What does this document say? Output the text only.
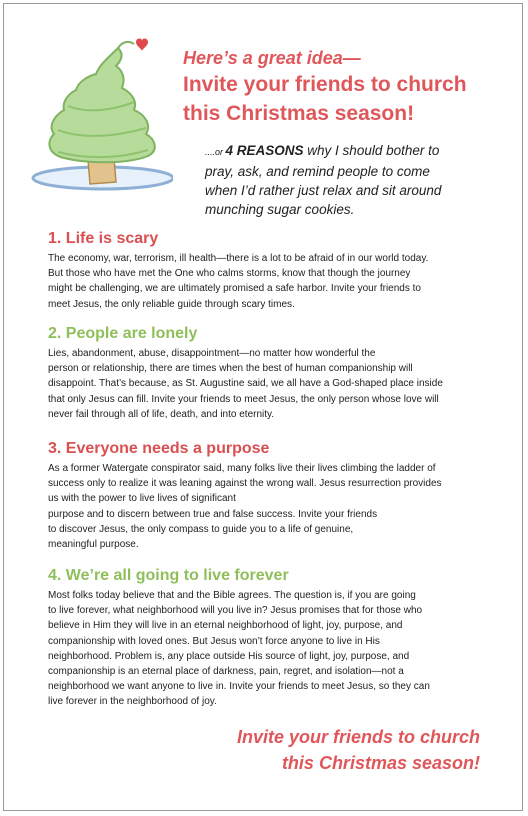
Here’s a great idea—
Invite your friends to church
this Christmas season!

....or 4 REASONS why I should bother to
pray, ask, and remind people to come
when I’d rather just relax and sit around
munching sugar cookies.

1. Life is scary

The economy, war, terrorism, ill health—there is a lot to be afraid of in our world today.
But those who have met the One who calms storms, know that though the journey
might be challenging, we are ultimately promised a safe harbor. Invite your friends to
meet Jesus, the only reliable guide through scary times.

2. People are lonely

Lies, abandonment, abuse, disappointment—no matter how wonderful the
person or relationship, there are times when the best of human companionship will
disappoint. That’s because, as St. Augustine said, we all have a God-shaped place inside
that only Jesus can fill. Invite your friends to meet Jesus, the only person whose love will
never fail through all of life, death, and into eternity.

3. Everyone needs a purpose

As a former Watergate conspirator said, many folks live their lives climbing the ladder of
success only to realize it was leaning against the wrong wall. Jesus resurrection provides
us with the power to live lives of significant
purpose and to discern between true and false success. Invite your friends
to discover Jesus, the only compass to guide you to a life of genuine,
meaningful purpose.

4. We’re all going to live forever

Most folks today believe that and the Bible agrees. The question is, if you are going
to live forever, what neighborhood will you live in? Jesus promises that for those who
believe in Him they will live in an eternal neighborhood of light, joy, purpose, and
companionship with loved ones. But Jesus won’t force anyone to live in His
neighborhood. Problem is, any place outside His source of light, joy, purpose, and
companionship is an eternal place of darkness, pain, regret, and isolation—not a
neighborhood we want anyone to live in. Invite your friends to meet Jesus, so they can
live forever in the neighborhood of joy.

Invite your friends to church
this Christmas season!
